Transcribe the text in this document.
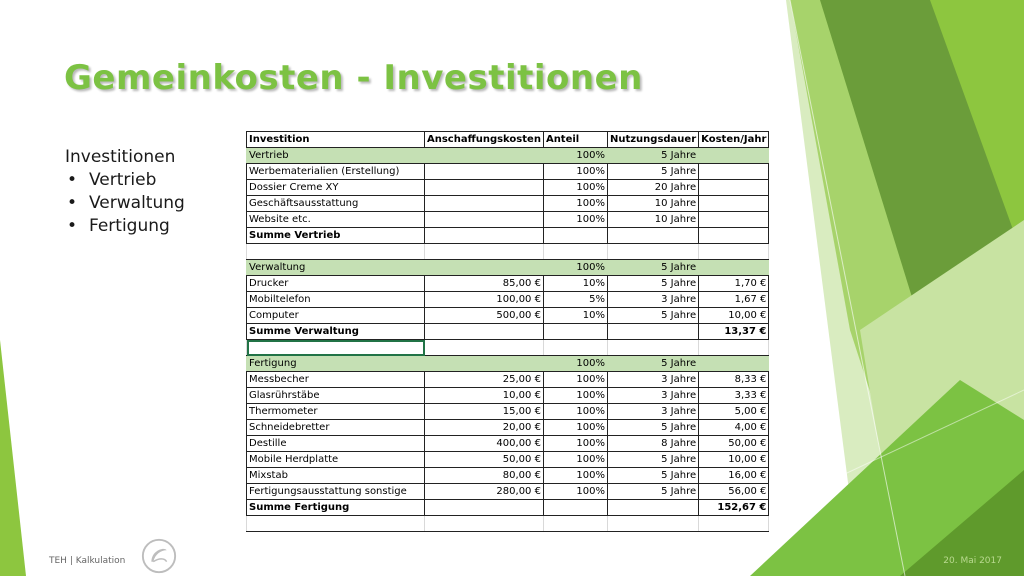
Gemeinkosten - Investitionen
Investitionen
• Vertrieb
• Verwaltung
• Fertigung
Investition	Anschaffungskosten	Anteil	Nutzungsdauer	Kosten/Jahr
Vertrieb		100%	5 Jahre	
Werbematerialien (Erstellung)		100%	5 Jahre	
Dossier Creme XY		100%	20 Jahre	
Geschäftsausstattung		100%	10 Jahre	
Website etc.		100%	10 Jahre	
Summe Vertrieb				

Verwaltung		100%	5 Jahre	
Drucker	85,00 €	10%	5 Jahre	1,70 €
Mobiltelefon	100,00 €	5%	3 Jahre	1,67 €
Computer	500,00 €	10%	5 Jahre	10,00 €
Summe Verwaltung				13,37 €

Fertigung		100%	5 Jahre	
Messbecher	25,00 €	100%	3 Jahre	8,33 €
Glasrührstäbe	10,00 €	100%	3 Jahre	3,33 €
Thermometer	15,00 €	100%	3 Jahre	5,00 €
Schneidebretter	20,00 €	100%	5 Jahre	4,00 €
Destille	400,00 €	100%	8 Jahre	50,00 €
Mobile Herdplatte	50,00 €	100%	5 Jahre	10,00 €
Mixstab	80,00 €	100%	5 Jahre	16,00 €
Fertigungsausstattung sonstige	280,00 €	100%	5 Jahre	56,00 €
Summe Fertigung				152,67 €

TEH | Kalkulation	20. Mai 2017
